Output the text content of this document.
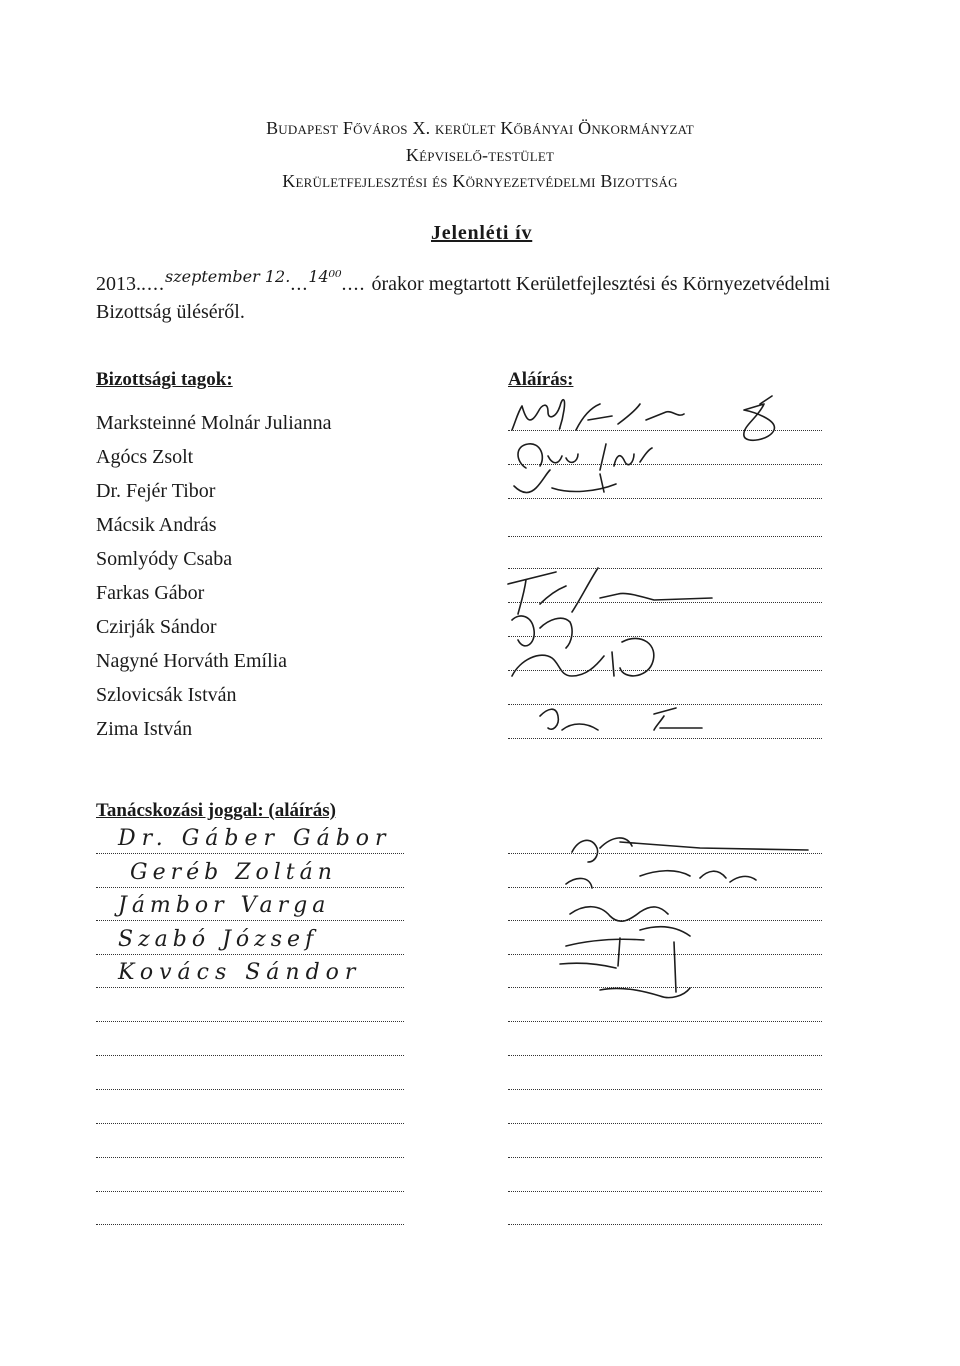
Budapest Főváros X. kerület Kőbányai Önkormányzat
Képviselő-testület
Kerületfejlesztési és Környezetvédelmi Bizottság
Jelenléti ív
2013.....$^{szeptember 12.}$...$^{14^{00}}$.... órakor megtartott Kerületfejlesztési és Környezetvédelmi
Bizottság üléséről.
Bizottsági tagok:	Aláírás:
Marksteinné Molnár Julianna
Agócs Zsolt
Dr. Fejér Tibor
Mácsik András
Somlyódy Csaba
Farkas Gábor
Czirják Sándor
Nagyné Horváth Emília
Szlovicsák István
Zima István
Tanácskozási joggal: (aláírás)
Dr. Gáber Gábor
Geréb Zoltán
Jámbor Varga
Szabó József
Kovács Sándor
